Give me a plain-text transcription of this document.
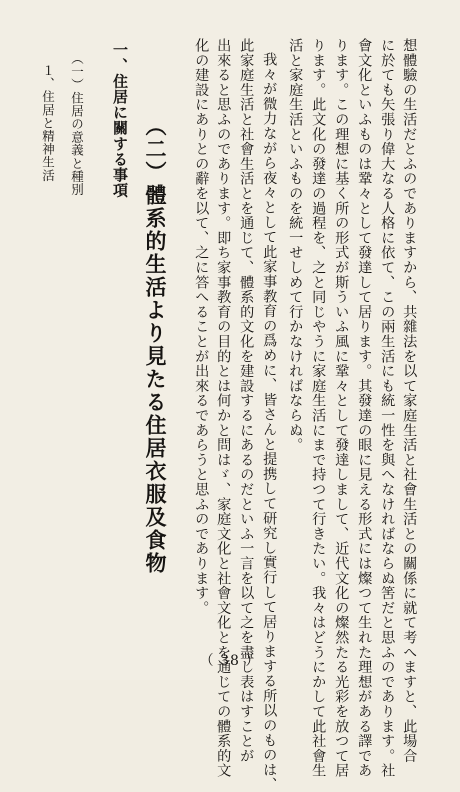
想體驗の生活だとふのでありますから、共雜法を以て家庭生活と社會生活との關係に就て考へますと、此場合
に於ても矢張り偉大なる人格に依て、この兩生活にも統一性を與へなければならぬ筈だと思ふのであります。社
會文化といふものは鞏々として發達して居ります。其發達の眼に見える形式には燦つて生れた理想がある譯であ
ります。この理想に基く所の形式が斯ういふ風に鞏々として發達しまして、近代文化の燦然たる光彩を放つて居
ります。此文化の發達の過程を、之と同じやうに家庭生活にまで持つて行きたい。我々はどうにかして此社會生
活と家庭生活といふものを統一せしめて行かなければならぬ。
我々が微力ながら夜々として此家事教育の爲めに、皆さんと提携して研究し實行して居りまする所以のものは、
此家庭生活と社會生活とを通じて、體系的文化を建設するにあるのだといふ一言を以て之を盡し表はすことが
出來ると思ふのであります。即ち家事教育の目的とは何かと問はゞ、家庭文化と社會文化とを通じての體系的文
化の建設にありとの辭を以て、之に答へることが出來るであらうと思ふのであります。
（二）體系的生活より見たる住居衣服及食物
一、住居に關する事項
（一）住居の意義と種別
１、住居と精神生活
（ 38 ）
